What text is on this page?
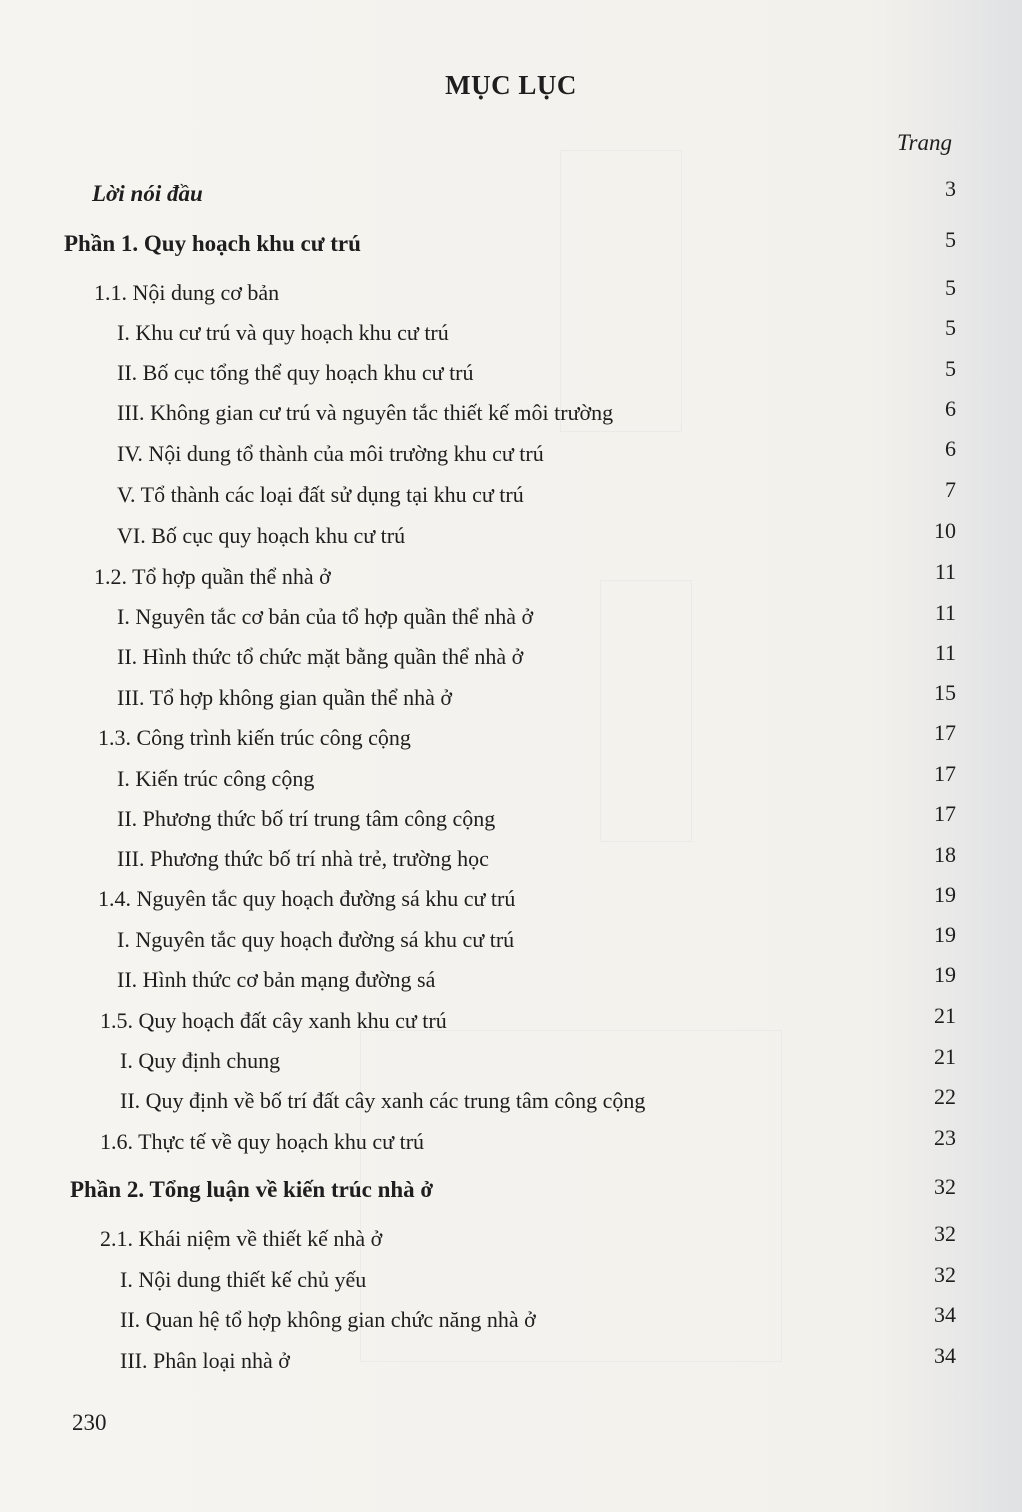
MỤC LỤC
Trang
Lời nói đầu	3
Phần 1. Quy hoạch khu cư trú	5
1.1. Nội dung cơ bản	5
I. Khu cư trú và quy hoạch khu cư trú	5
II. Bố cục tổng thể quy hoạch khu cư trú	5
III. Không gian cư trú và nguyên tắc thiết kế môi trường	6
IV. Nội dung tổ thành của môi trường khu cư trú	6
V. Tổ thành các loại đất sử dụng tại khu cư trú	7
VI. Bố cục quy hoạch khu cư trú	10
1.2. Tổ hợp quần thể nhà ở	11
I. Nguyên tắc cơ bản của tổ hợp quần thể nhà ở	11
II. Hình thức tổ chức mặt bằng quần thể nhà ở	11
III. Tổ hợp không gian quần thể nhà ở	15
1.3. Công trình kiến trúc công cộng	17
I. Kiến trúc công cộng	17
II. Phương thức bố trí trung tâm công cộng	17
III. Phương thức bố trí nhà trẻ, trường học	18
1.4. Nguyên tắc quy hoạch đường sá khu cư trú	19
I. Nguyên tắc quy hoạch đường sá khu cư trú	19
II. Hình thức cơ bản mạng đường sá	19
1.5. Quy hoạch đất cây xanh khu cư trú	21
I. Quy định chung	21
II. Quy định về bố trí đất cây xanh các trung tâm công cộng	22
1.6. Thực tế về quy hoạch khu cư trú	23
Phần 2. Tổng luận về kiến trúc nhà ở	32
2.1. Khái niệm về thiết kế nhà ở	32
I. Nội dung thiết kế chủ yếu	32
II. Quan hệ tổ hợp không gian chức năng nhà ở	34
III. Phân loại nhà ở	34
230
